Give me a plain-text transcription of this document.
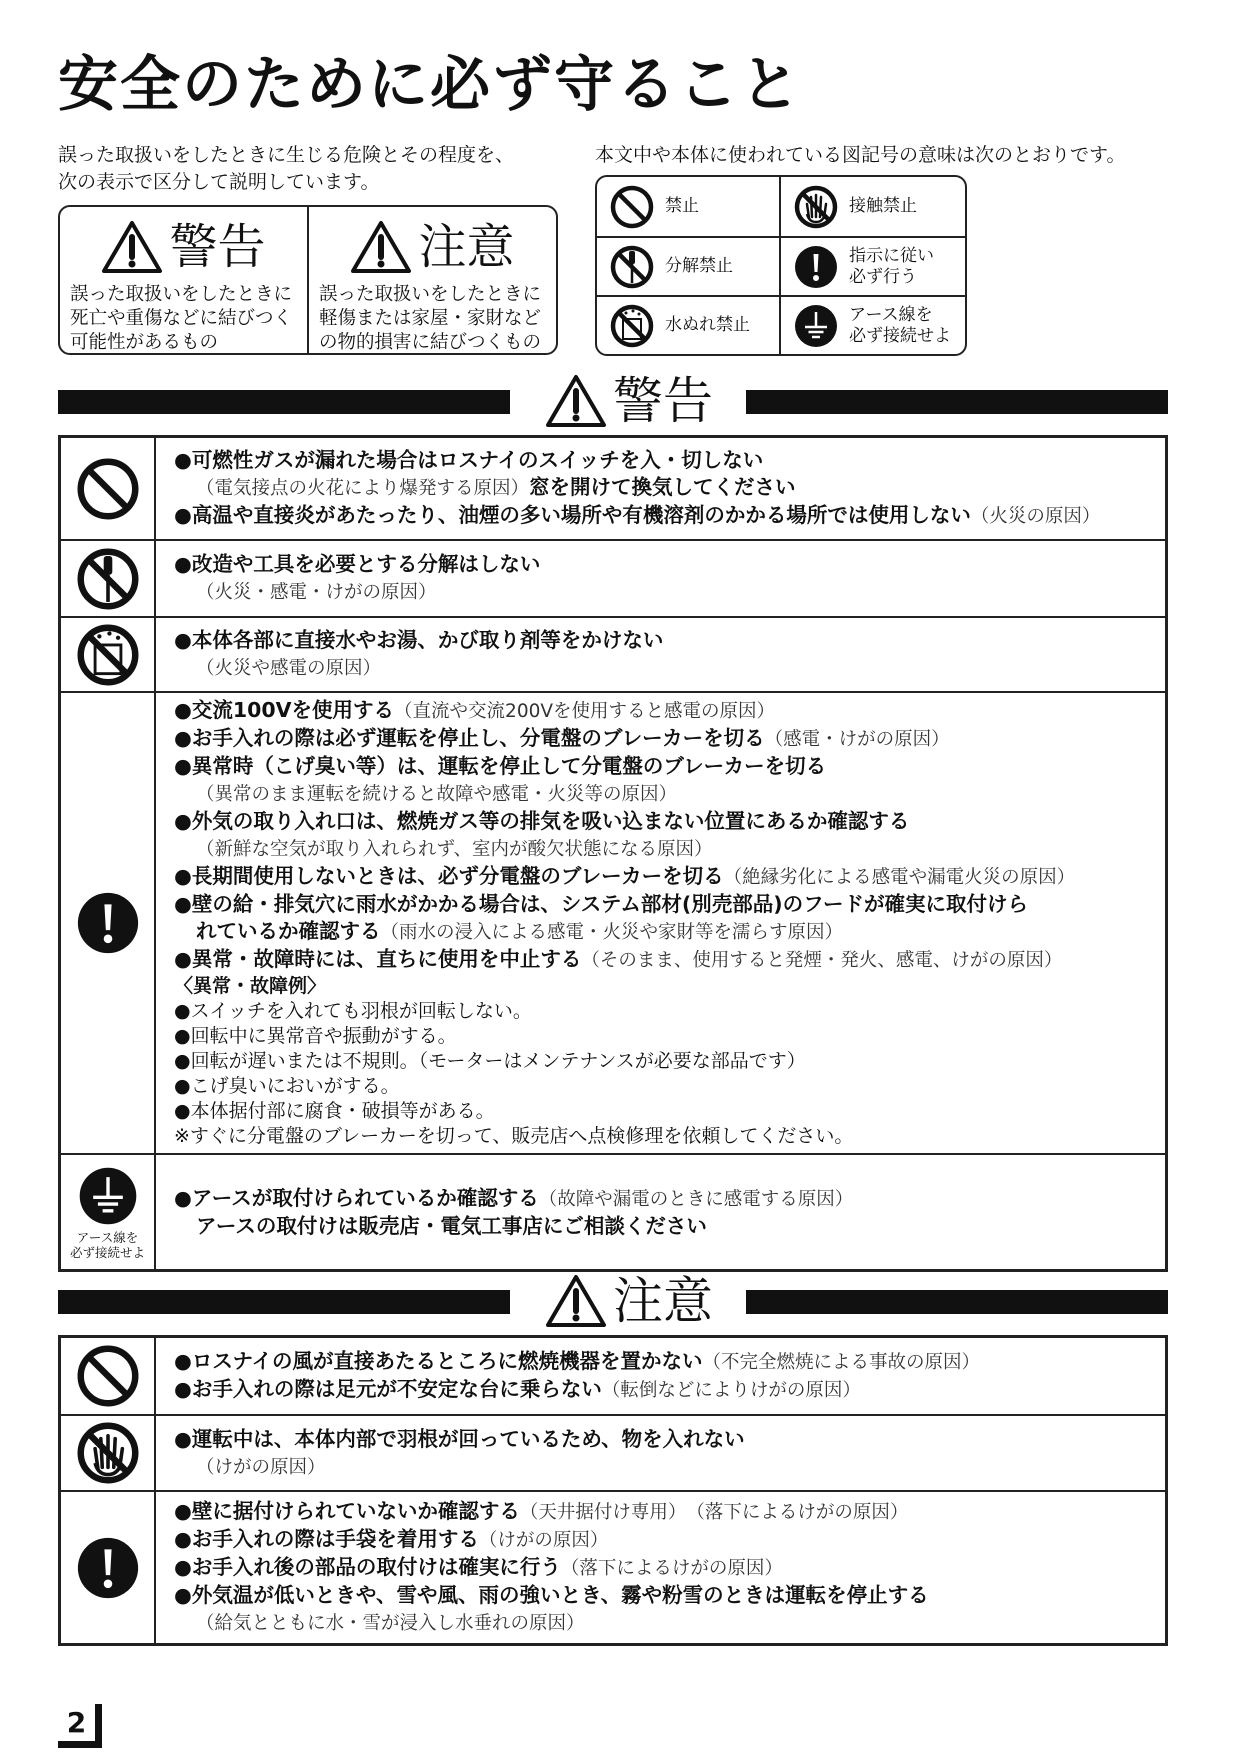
安全のために必ず守ること
誤った取扱いをしたときに生じる危険とその程度を、
次の表示で区分して説明しています。
本文中や本体に使われている図記号の意味は次のとおりです。
警告
誤った取扱いをしたときに
死亡や重傷などに結びつく
可能性があるもの
注意
誤った取扱いをしたときに
軽傷または家屋・家財など
の物的損害に結びつくもの
禁止	接触禁止
分解禁止
指示に従い
必ず行う
水ぬれ禁止
アース線を
必ず接続せよ
警告
●可燃性ガスが漏れた場合はロスナイのスイッチを入・切しない
（電気接点の火花により爆発する原因）窓を開けて換気してください
●高温や直接炎があたったり、油煙の多い場所や有機溶剤のかかる場所では使用しない（火災の原因）
●改造や工具を必要とする分解はしない
（火災・感電・けがの原因）
●本体各部に直接水やお湯、かび取り剤等をかけない
（火災や感電の原因）
●交流100Vを使用する（直流や交流200Vを使用すると感電の原因）
●お手入れの際は必ず運転を停止し、分電盤のブレーカーを切る（感電・けがの原因）
●異常時（こげ臭い等）は、運転を停止して分電盤のブレーカーを切る
（異常のまま運転を続けると故障や感電・火災等の原因）
●外気の取り入れ口は、燃焼ガス等の排気を吸い込まない位置にあるか確認する
（新鮮な空気が取り入れられず、室内が酸欠状態になる原因）
●長期間使用しないときは、必ず分電盤のブレーカーを切る（絶縁劣化による感電や漏電火災の原因）
●壁の給・排気穴に雨水がかかる場合は、システム部材(別売部品)のフードが確実に取付けら
れているか確認する（雨水の浸入による感電・火災や家財等を濡らす原因）
●異常・故障時には、直ちに使用を中止する（そのまま、使用すると発煙・発火、感電、けがの原因）
〈異常・故障例〉
●スイッチを入れても羽根が回転しない。
●回転中に異常音や振動がする。
●回転が遅いまたは不規則。（モーターはメンテナンスが必要な部品です）
●こげ臭いにおいがする。
●本体据付部に腐食・破損等がある。
※すぐに分電盤のブレーカーを切って、販売店へ点検修理を依頼してください。
アース線を
必ず接続せよ
●アースが取付けられているか確認する（故障や漏電のときに感電する原因）
アースの取付けは販売店・電気工事店にご相談ください
注意
●ロスナイの風が直接あたるところに燃焼機器を置かない（不完全燃焼による事故の原因）
●お手入れの際は足元が不安定な台に乗らない（転倒などによりけがの原因）
●運転中は、本体内部で羽根が回っているため、物を入れない
（けがの原因）
●壁に据付けられていないか確認する（天井据付け専用）　（落下によるけがの原因）
●お手入れの際は手袋を着用する（けがの原因）
●お手入れ後の部品の取付けは確実に行う（落下によるけがの原因）
●外気温が低いときや、雪や風、雨の強いとき、霧や粉雪のときは運転を停止する
（給気とともに水・雪が浸入し水垂れの原因）
2
